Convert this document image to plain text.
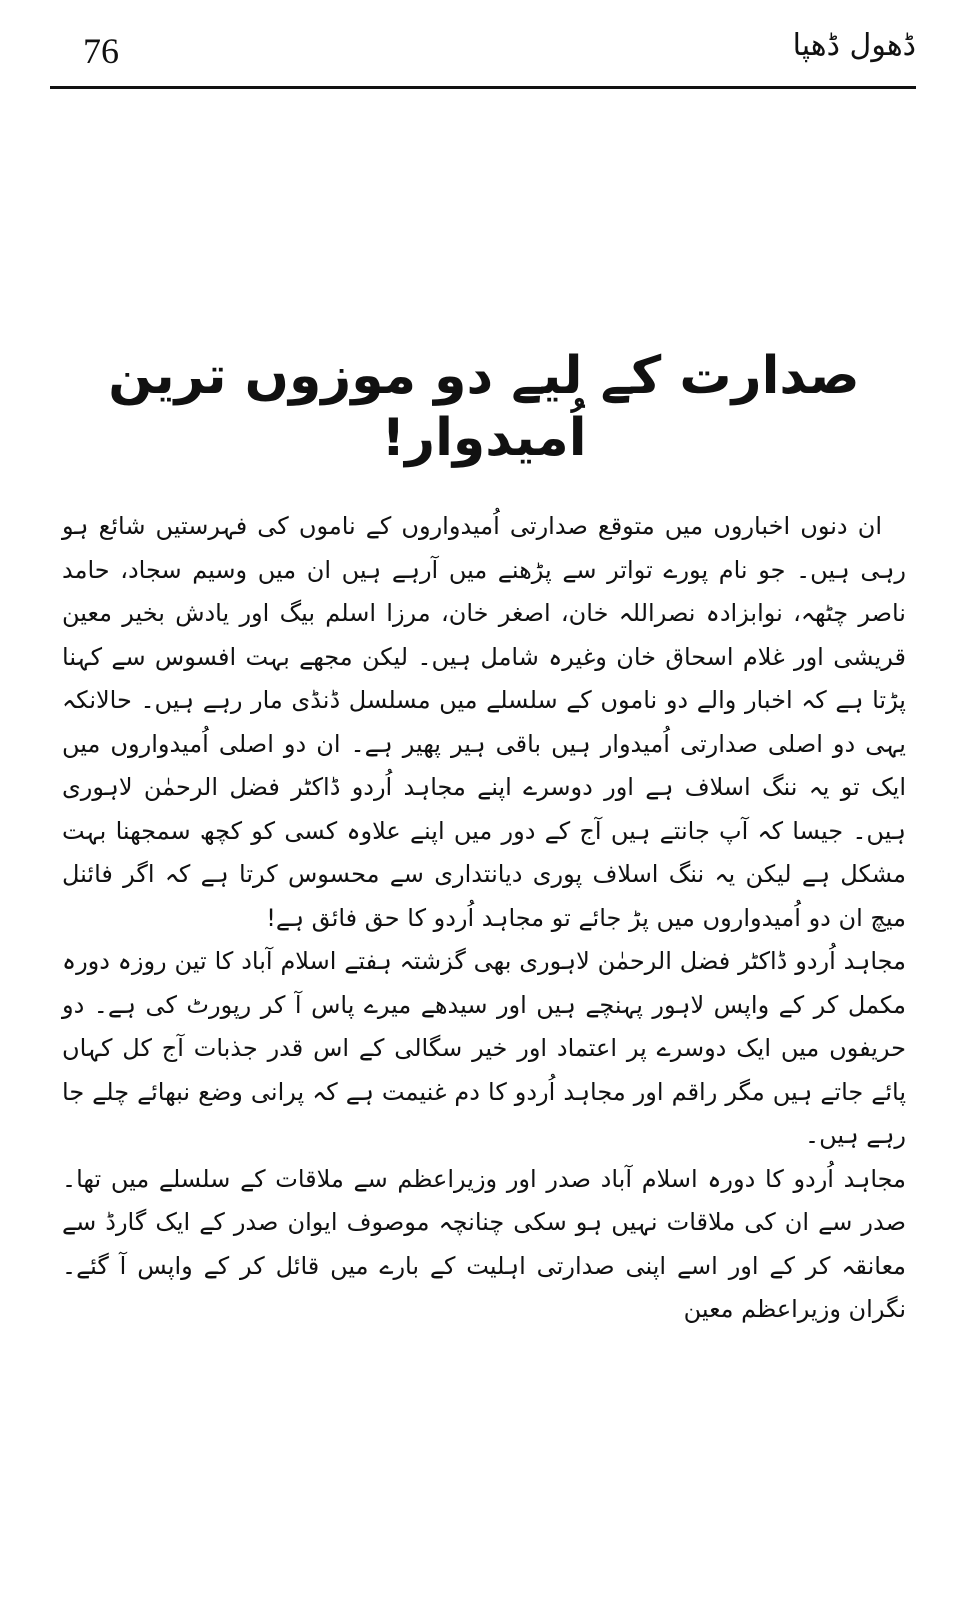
76	ڈھول ڈھپا
صدارت کے لیے دو موزوں ترین اُمیدوار!

ان دنوں اخباروں میں متوقع صدارتی اُمیدواروں کے ناموں کی فہرستیں شائع ہو رہی ہیں۔ جو نام پورے تواتر سے پڑھنے میں آرہے ہیں ان میں وسیم سجاد، حامد ناصر چٹھہ، نوابزادہ نصراللہ خان، اصغر خان، مرزا اسلم بیگ اور یادش بخیر معین قریشی اور غلام اسحاق خان وغیرہ شامل ہیں۔ لیکن مجھے بہت افسوس سے کہنا پڑتا ہے کہ اخبار والے دو ناموں کے سلسلے میں مسلسل ڈنڈی مار رہے ہیں۔ حالانکہ یہی دو اصلی صدارتی اُمیدوار ہیں باقی ہیر پھیر ہے۔ ان دو اصلی اُمیدواروں میں ایک تو یہ ننگ اسلاف ہے اور دوسرے اپنے مجاہد اُردو ڈاکٹر فضل الرحمٰن لاہوری ہیں۔ جیسا کہ آپ جانتے ہیں آج کے دور میں اپنے علاوہ کسی کو کچھ سمجھنا بہت مشکل ہے لیکن یہ ننگ اسلاف پوری دیانتداری سے محسوس کرتا ہے کہ اگر فائنل میچ ان دو اُمیدواروں میں پڑ جائے تو مجاہد اُردو کا حق فائق ہے!

مجاہد اُردو ڈاکٹر فضل الرحمٰن لاہوری بھی گزشتہ ہفتے اسلام آباد کا تین روزہ دورہ مکمل کر کے واپس لاہور پہنچے ہیں اور سیدھے میرے پاس آ کر رپورٹ کی ہے۔ دو حریفوں میں ایک دوسرے پر اعتماد اور خیر سگالی کے اس قدر جذبات آج کل کہاں پائے جاتے ہیں مگر راقم اور مجاہد اُردو کا دم غنیمت ہے کہ پرانی وضع نبھائے چلے جا رہے ہیں۔

مجاہد اُردو کا دورہ اسلام آباد صدر اور وزیراعظم سے ملاقات کے سلسلے میں تھا۔ صدر سے ان کی ملاقات نہیں ہو سکی چنانچہ موصوف ایوان صدر کے ایک گارڈ سے معانقہ کر کے اور اسے اپنی صدارتی اہلیت کے بارے میں قائل کر کے واپس آ گئے۔ نگران وزیراعظم معین
